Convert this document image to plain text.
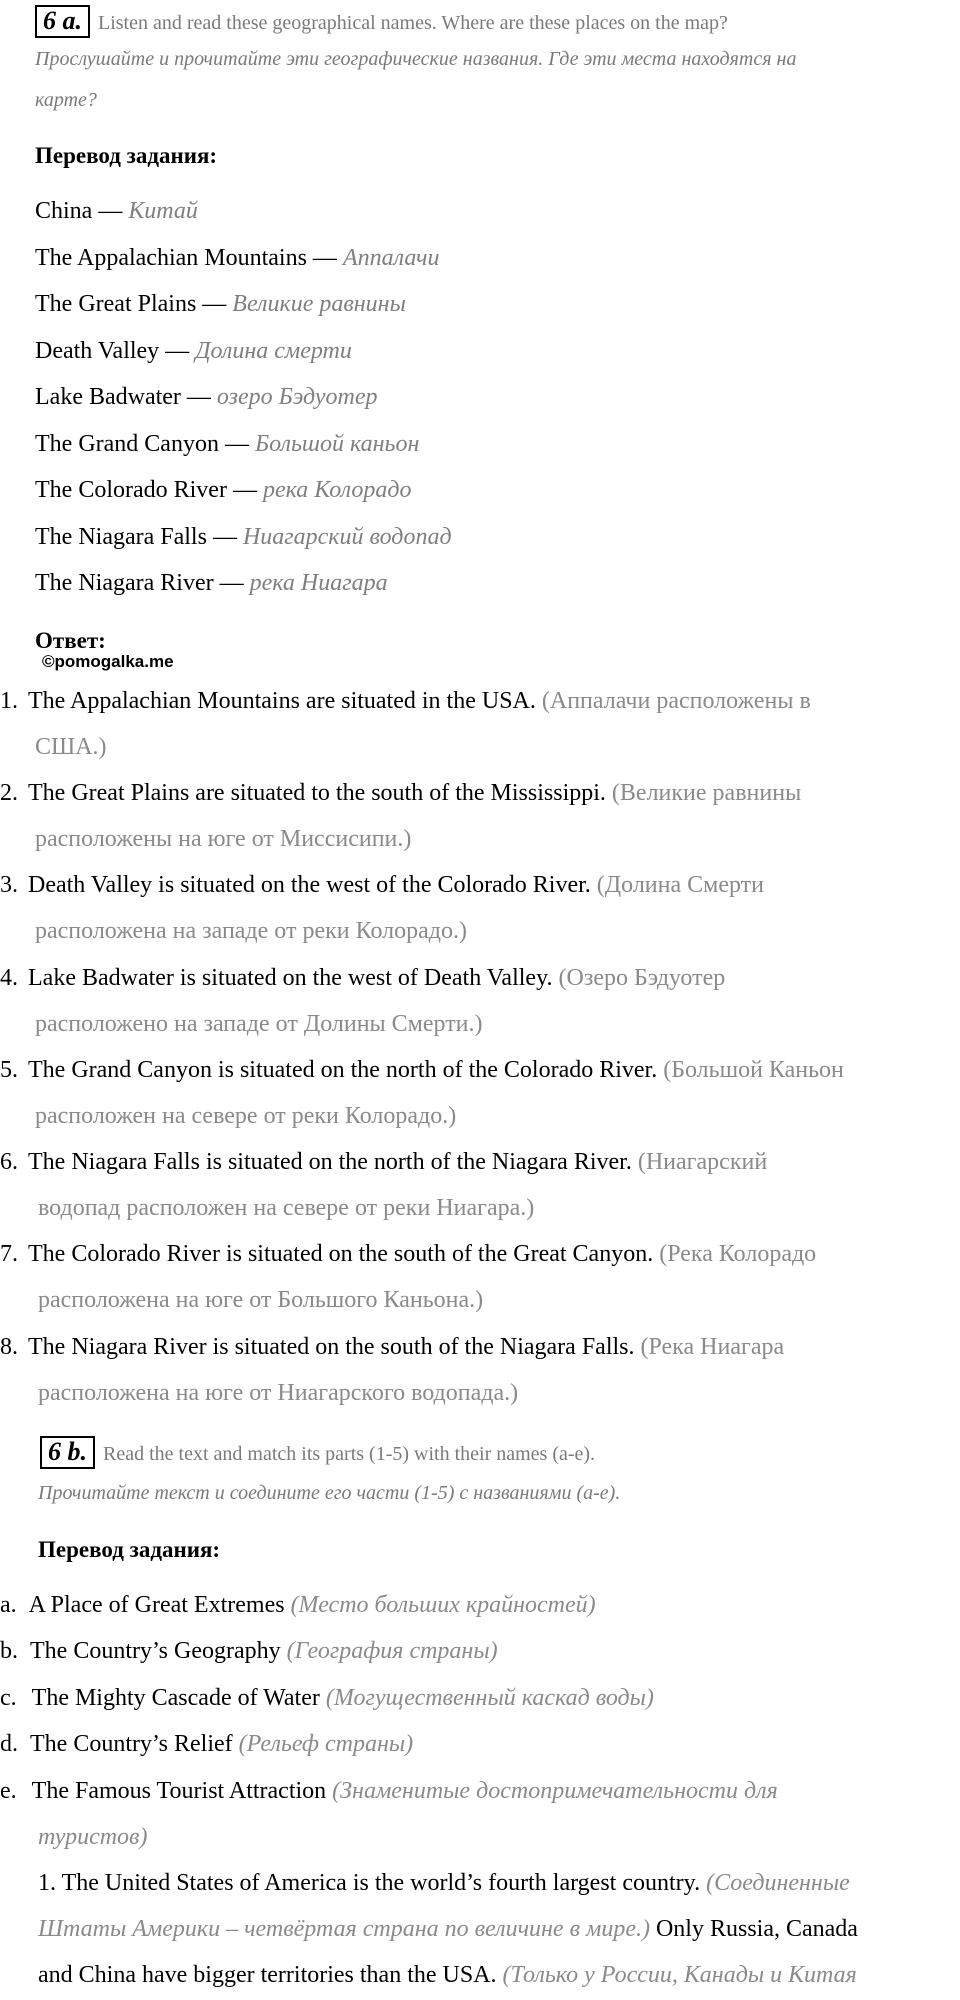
6 a. Listen and read these geographical names. Where are these places on the map?
Прослушайте и прочитайте эти географические названия. Где эти места находятся на
карте?
Перевод задания:
China — Китай
The Appalachian Mountains — Аппалачи
The Great Plains — Великие равнины
Death Valley — Долина смерти
Lake Badwater — озеро Бэдуотер
The Grand Canyon — Большой каньон
The Colorado River — река Колорадо
The Niagara Falls — Ниагарский водопад
The Niagara River — река Ниагара
Ответ:
©pomogalka.me
1. The Appalachian Mountains are situated in the USA. (Аппалачи расположены в
США.)
2. The Great Plains are situated to the south of the Mississippi. (Великие равнины
расположены на юге от Миссисипи.)
3. Death Valley is situated on the west of the Colorado River. (Долина Смерти
расположена на западе от реки Колорадо.)
4. Lake Badwater is situated on the west of Death Valley. (Озеро Бэдуотер
расположено на западе от Долины Смерти.)
5. The Grand Canyon is situated on the north of the Colorado River. (Большой Каньон
расположен на севере от реки Колорадо.)
6. The Niagara Falls is situated on the north of the Niagara River. (Ниагарский
водопад расположен на севере от реки Ниагара.)
7. The Colorado River is situated on the south of the Great Canyon. (Река Колорадо
расположена на юге от Большого Каньона.)
8. The Niagara River is situated on the south of the Niagara Falls. (Река Ниагара
расположена на юге от Ниагарского водопада.)
6 b. Read the text and match its parts (1-5) with their names (a-e).
Прочитайте текст и соедините его части (1-5) с названиями (а-е).
Перевод задания:
a. A Place of Great Extremes (Место больших крайностей)
b. The Country’s Geography (География страны)
c. The Mighty Cascade of Water (Могущественный каскад воды)
d. The Country’s Relief (Рельеф страны)
e. The Famous Tourist Attraction (Знаменитые достопримечательности для
туристов)
1. The United States of America is the world’s fourth largest country. (Соединенные
Штаты Америки – четвёртая страна по величине в мире.) Only Russia, Canada
and China have bigger territories than the USA. (Только у России, Канады и Китая
